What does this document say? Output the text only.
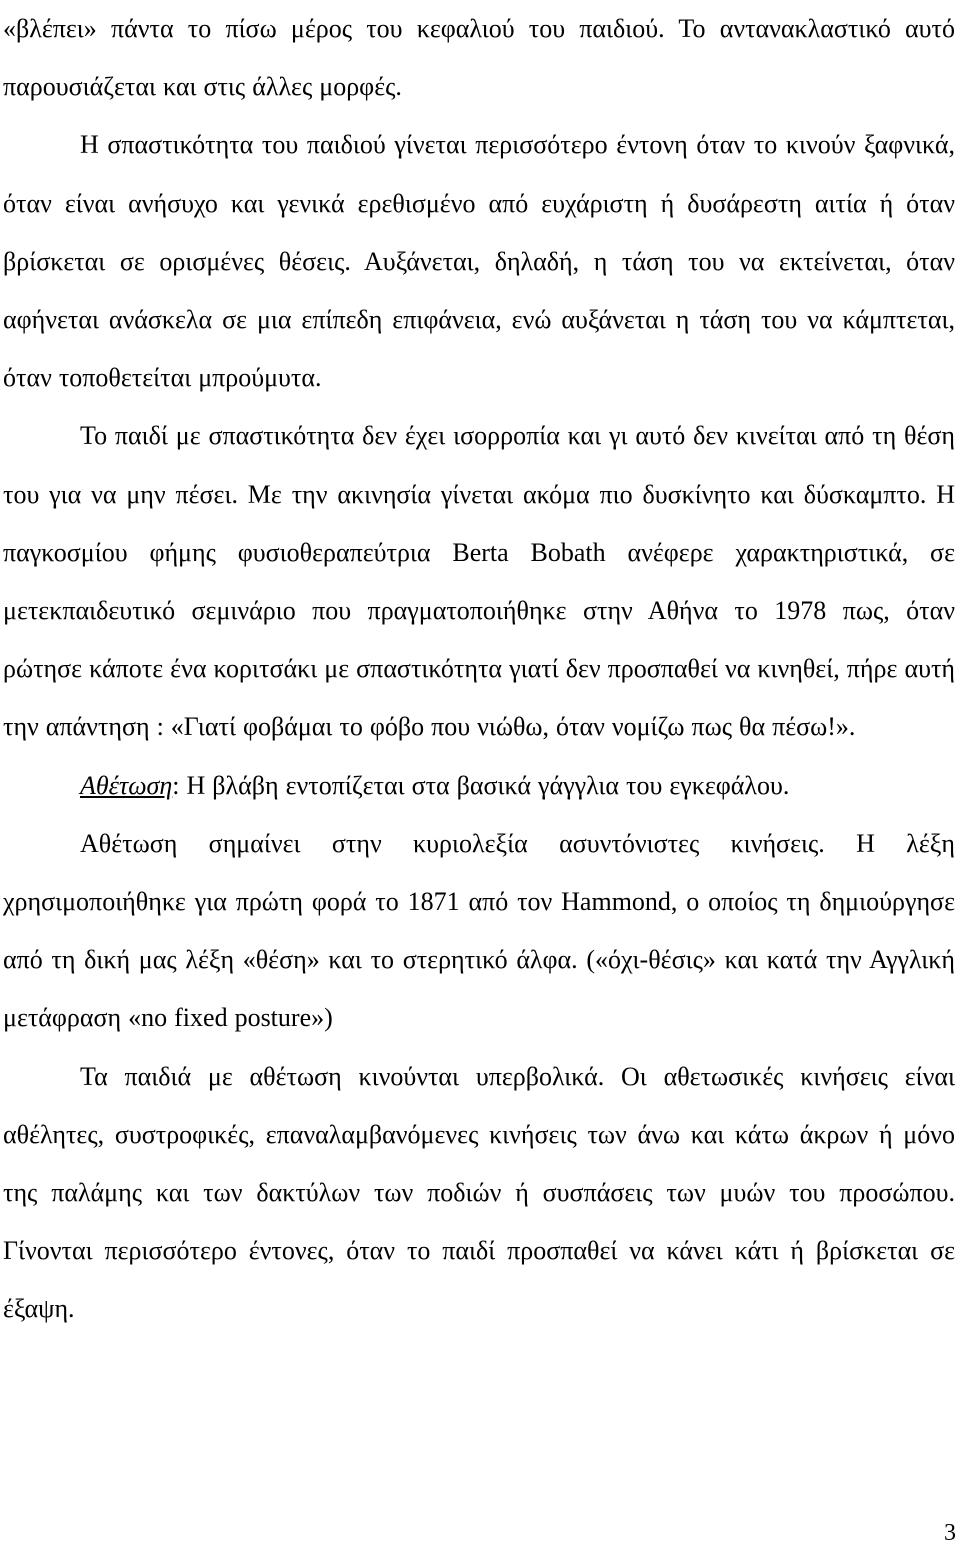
«βλέπει» πάντα το πίσω μέρος του κεφαλιού του παιδιού. Το αντανακλαστικό αυτό παρουσιάζεται και στις άλλες μορφές.

Η σπαστικότητα του παιδιού γίνεται περισσότερο έντονη όταν το κινούν ξαφνικά, όταν είναι ανήσυχο και γενικά ερεθισμένο από ευχάριστη ή δυσάρεστη αιτία ή όταν βρίσκεται σε ορισμένες θέσεις. Αυξάνεται, δηλαδή, η τάση του να εκτείνεται, όταν αφήνεται ανάσκελα σε μια επίπεδη επιφάνεια, ενώ αυξάνεται η τάση του να κάμπτεται, όταν τοποθετείται μπρούμυτα.

Το παιδί με σπαστικότητα δεν έχει ισορροπία και γι αυτό δεν κινείται από τη θέση του για να μην πέσει. Με την ακινησία γίνεται ακόμα πιο δυσκίνητο και δύσκαμπτο. Η παγκοσμίου φήμης φυσιοθεραπεύτρια Berta Bobath ανέφερε χαρακτηριστικά, σε μετεκπαιδευτικό σεμινάριο που πραγματοποιήθηκε στην Αθήνα το 1978 πως, όταν ρώτησε κάποτε ένα κοριτσάκι με σπαστικότητα γιατί δεν προσπαθεί να κινηθεί, πήρε αυτή την απάντηση : «Γιατί φοβάμαι το φόβο που νιώθω, όταν νομίζω πως θα πέσω!».

Αθέτωση: Η βλάβη εντοπίζεται στα βασικά γάγγλια του εγκεφάλου.

Αθέτωση σημαίνει στην κυριολεξία ασυντόνιστες κινήσεις. Η λέξη χρησιμοποιήθηκε για πρώτη φορά το 1871 από τον Hammond, ο οποίος τη δημιούργησε από τη δική μας λέξη «θέση» και το στερητικό άλφα. («όχι-θέσις» και κατά την Αγγλική μετάφραση «no fixed posture»)

Τα παιδιά με αθέτωση κινούνται υπερβολικά. Οι αθετωσικές κινήσεις είναι αθέλητες, συστροφικές, επαναλαμβανόμενες κινήσεις των άνω και κάτω άκρων ή μόνο της παλάμης και των δακτύλων των ποδιών ή συσπάσεις των μυών του προσώπου. Γίνονται περισσότερο έντονες, όταν το παιδί προσπαθεί να κάνει κάτι ή βρίσκεται σε έξαψη.

3
